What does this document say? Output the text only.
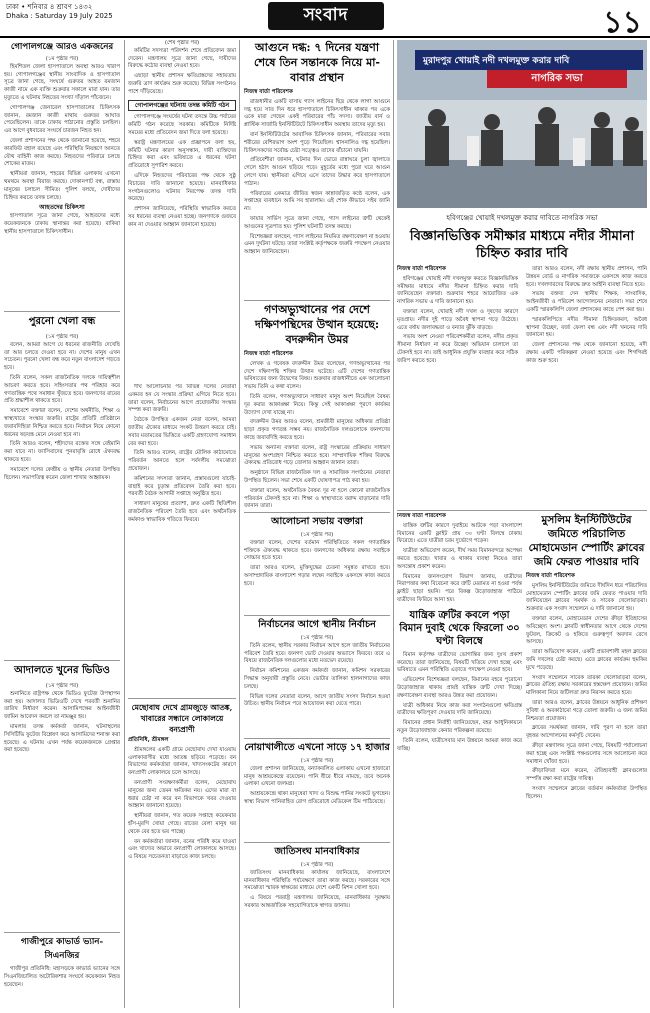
ঢাকা • শনিবার ৪ শ্রাবণ ১৪৩২
Dhaka : Saturday 19 July 2025	সংবাদ	১১
গোপালগঞ্জে আরও একজনের
(১ম পৃষ্ঠার পর)

হিমশিতল জেলা হাসপাতালে অবস্থা আরও খারাপ হয়। গোপালগঞ্জের স্থানীয় সাংবাদিক ও হাসপাতাল সূত্রে জানা গেছে, সংঘর্ষে গুরুতর আহত রমজান কাজী নামে এক ব্যক্তি শুক্রবার সকালে মারা যান। তার মৃত্যুতে এ ঘটনায় নিহতের সংখ্যা দাঁড়াল পাঁচজনে।

গোপালগঞ্জ জেনারেল হাসপাতালের চিকিৎসক জানান, রমজান কাজী মাথায় গুরুতর আঘাত পেয়েছিলেন। তাকে ঢাকায় পাঠানোর প্রস্তুতি চলছিল। এর আগে বুধবারের সংঘর্ষে চারজন নিহত হন।

জেলা প্রশাসনের পক্ষ থেকে জানানো হয়েছে, শহরে কারফিউ বহাল রয়েছে এবং পরিস্থিতি নিয়ন্ত্রণে আনতে যৌথ বাহিনী কাজ করছে। নিহতদের পরিবারে চলছে শোকের মাতম।

স্থানীয়রা জানান, শহরের বিভিন্ন এলাকায় এখনো থমথমে অবস্থা বিরাজ করছে। দোকানপাট বন্ধ, রাস্তায় মানুষের চলাচল সীমিত। পুলিশ বলছে, দোষীদের চিহ্নিত করতে তদন্ত চলছে।

আহতদের চিকিৎসা

হাসপাতাল সূত্রে জানা গেছে, আহতদের মধ্যে কয়েকজনকে ঢাকায় স্থানান্তর করা হয়েছে। বাকিরা স্থানীয় হাসপাতালে চিকিৎসাধীন।

পুরনো খেলা বন্ধ
(১ম পৃষ্ঠার পর)

বলেন, আমরা আগে যে ধরনের রাজনীতি দেখেছি তা আর চলতে দেওয়া হবে না। দেশের মানুষ এখন সচেতন। পুরনো খেলা বন্ধ করে নতুন বাংলাদেশ গড়তে হবে।

তিনি বলেন, সকল রাজনৈতিক দলকে দায়িত্বশীল আচরণ করতে হবে। সহিংসতার পথ পরিহার করে গণতান্ত্রিক পথে সমাধান খুঁজতে হবে। জনগণের রায়ের প্রতি শ্রদ্ধাশীল থাকতে হবে।

সমাবেশে বক্তারা বলেন, দেশের অর্থনীতি, শিক্ষা ও স্বাস্থ্যখাতে সংস্কার জরুরি। রাষ্ট্রের প্রতিটি প্রতিষ্ঠানে জবাবদিহিতা নিশ্চিত করতে হবে। নির্বাচন নিয়ে কোনো ধরনের ষড়যন্ত্র মেনে নেওয়া হবে না।

তিনি আরও বলেন, শহীদদের রক্তের সঙ্গে বেইমানি করা যাবে না। ফ্যাসিবাদের পুনরাবৃত্তি রোধে ঐক্যবদ্ধ থাকতে হবে।

সমাবেশে দলের কেন্দ্রীয় ও স্থানীয় নেতারা উপস্থিত ছিলেন। সভাপতিত্ব করেন জেলা শাখার আহ্বায়ক।

আদালতে খুনের ভিডিও
(১ম পৃষ্ঠার পর)

শুনানিতে রাষ্ট্রপক্ষ থেকে ভিডিও ফুটেজ উপস্থাপন করা হয়। আদালত ভিডিওটি দেখে পরবর্তী শুনানির তারিখ নির্ধারণ করেন। আসামিপক্ষের আইনজীবী জামিন আবেদন করলে তা নামঞ্জুর হয়।

মামলার তদন্ত কর্মকর্তা জানান, ঘটনাস্থলের সিসিটিভি ফুটেজ বিশ্লেষণ করে আসামিদের শনাক্ত করা হয়েছে। এ ঘটনায় এখন পর্যন্ত কয়েকজনকে গ্রেপ্তার করা হয়েছে।

গাজীপুরে কাভার্ড ভ্যান-সিএনজির

গাজীপুর প্রতিনিধি: মহাসড়কে কাভার্ড ভ্যানের সঙ্গে সিএনজিচালিত অটোরিকশার সংঘর্ষে কয়েকজন নিহত হয়েছেন।

(শেষ পৃষ্ঠার পর)

কমিটির সদস্যরা পরিদর্শন শেষে প্রতিবেদন জমা দেবেন। মন্ত্রণালয় সূত্রে জানা গেছে, দায়ীদের বিরুদ্ধে কঠোর ব্যবস্থা নেওয়া হবে।

এছাড়া স্থানীয় প্রশাসন ক্ষতিগ্রস্তদের সহায়তায় জরুরি ত্রাণ কার্যক্রম শুরু করেছে। বিভিন্ন সংগঠনও পাশে দাঁড়িয়েছে।

গোপালগঞ্জের ঘটনায় তদন্ত কমিটি গঠন

গোপালগঞ্জে সংঘর্ষের ঘটনা তদন্তে উচ্চ পর্যায়ের কমিটি গঠন করেছে সরকার। কমিটিকে নির্দিষ্ট সময়ের মধ্যে প্রতিবেদন জমা দিতে বলা হয়েছে।

স্বরাষ্ট্র মন্ত্রণালয়ের এক প্রজ্ঞাপনে বলা হয়, কমিটি ঘটনার কারণ অনুসন্ধান, দায়ী ব্যক্তিদের চিহ্নিত করা এবং ভবিষ্যতে এ ধরনের ঘটনা প্রতিরোধে সুপারিশ করবে।

এদিকে নিহতদের পরিবারের পক্ষ থেকে সুষ্ঠু বিচারের দাবি জানানো হয়েছে। মানবাধিকার সংগঠনগুলোও ঘটনার নিরপেক্ষ তদন্ত দাবি করেছে।

প্রশাসন জানিয়েছে, পরিস্থিতি স্বাভাবিক করতে সব ধরনের ব্যবস্থা নেওয়া হচ্ছে। জনগণকে গুজবে কান না দেওয়ার আহ্বান জানানো হয়েছে।

দীর্ঘ আলোচনার পর বিভিন্ন দলের নেতারা একমত হন যে সংস্কার প্রক্রিয়া এগিয়ে নিতে হবে। তারা বলেন, নির্বাচনের আগে প্রয়োজনীয় সংস্কার সম্পন্ন করা জরুরি।

বৈঠকে উপস্থিত একজন নেতা বলেন, আমরা জাতীয় ঐক্যের মাধ্যমে সংকট উত্তরণ করতে চাই। সবার মতামতের ভিত্তিতে একটি গ্রহণযোগ্য সমাধান বের করা হবে।

তিনি আরও বলেন, রাষ্ট্রের মৌলিক কাঠামোতে পরিবর্তন আনতে হলে সর্বদলীয় সমঝোতা প্রয়োজন।

কমিশনের সদস্যরা জানান, প্রস্তাবগুলো যাচাই-বাছাই করে চূড়ান্ত প্রতিবেদন তৈরি করা হবে। পরবর্তী বৈঠক আগামী সপ্তাহে অনুষ্ঠিত হবে।

সাধারণ মানুষের প্রত্যাশা, দ্রুত একটি স্থিতিশীল রাজনৈতিক পরিবেশ তৈরি হবে এবং অর্থনৈতিক কর্মকাণ্ড স্বাভাবিক গতিতে ফিরবে।

মেছোবাঘ দেখে গ্রামজুড়ে আতঙ্ক, খাবারের সন্ধানে লোকালয়ে বন্যপ্রাণী
প্রতিনিধি, শ্রীমঙ্গল

শ্রীমঙ্গলের একটি গ্রামে মেছোবাঘ দেখা যাওয়ায় এলাকাবাসীর মধ্যে আতঙ্ক ছড়িয়ে পড়েছে। বন বিভাগের কর্মকর্তারা জানান, খাদ্যসংকটের কারণে বন্যপ্রাণী লোকালয়ে চলে আসছে।

বন্যপ্রাণী সংরক্ষণকর্মীরা বলেন, মেছোবাঘ মানুষের জন্য তেমন ক্ষতিকর নয়। এদের মারা বা ধরার চেষ্টা না করে বন বিভাগকে খবর দেওয়ার আহ্বান জানানো হয়েছে।

স্থানীয়রা জানান, গত কয়েক সপ্তাহে কয়েকবার হাঁস-মুরগি খোয়া গেছে। রাতের বেলা মানুষ ঘর থেকে বের হতে ভয় পাচ্ছে।

বন কর্মকর্তারা জানান, বনের পরিধি কমে যাওয়া এবং খাদ্যের অভাবে বন্যপ্রাণী লোকালয়ে আসছে। এ বিষয়ে সচেতনতা বাড়াতে কাজ চলছে।

আগুনে দগ্ধ: ৭ দিনের যন্ত্রণা শেষে তিন সন্তানকে নিয়ে মা-বাবার প্রস্থান
নিজস্ব বার্তা পরিবেশক

রাজধানীর একটি বাসায় গ্যাস লাইনের ছিদ্র থেকে লাগা আগুনে দগ্ধ হয়ে সাত দিন ধরে হাসপাতালে চিকিৎসাধীন থাকার পর একে একে মারা গেছেন একই পরিবারের পাঁচ সদস্য। জাতীয় বার্ন ও প্লাস্টিক সার্জারি ইনস্টিটিউটে চিকিৎসাধীন অবস্থায় তাদের মৃত্যু হয়।

বার্ন ইনস্টিটিউটের আবাসিক চিকিৎসক জানান, পরিবারের সবার শরীরের বেশিরভাগ অংশ পুড়ে গিয়েছিল। শ্বাসনালিও দগ্ধ হয়েছিল। চিকিৎসকদের সর্বোচ্চ চেষ্টা সত্ত্বেও তাদের বাঁচানো যায়নি।

প্রতিবেশীরা জানান, ঘটনার দিন ভোরে রান্নাঘরে চুলা জ্বালাতে গেলে হঠাৎ আগুন ছড়িয়ে পড়ে। মুহূর্তের মধ্যে পুরো ঘরে আগুন লেগে যায়। স্থানীয়রা এগিয়ে এসে তাদের উদ্ধার করে হাসপাতালে পাঠান।

পরিবারের একমাত্র জীবিত স্বজন কান্নাজড়িত কণ্ঠে বলেন, এক সপ্তাহের ব্যবধানে আমি সব হারালাম। এই শোক কীভাবে সইব জানি না।

ফায়ার সার্ভিস সূত্রে জানা গেছে, গ্যাস লাইনের ত্রুটি থেকেই আগুনের সূত্রপাত হয়। পুলিশ ঘটনাটি তদন্ত করছে।

বিশেষজ্ঞরা বলছেন, গ্যাস লাইনের নিয়মিত রক্ষণাবেক্ষণ না হওয়ায় এমন দুর্ঘটনা ঘটছে। তারা সংশ্লিষ্ট কর্তৃপক্ষকে জরুরি পদক্ষেপ নেওয়ার আহ্বান জানিয়েছেন।

গণঅভ্যুত্থানের পর দেশে দক্ষিণপন্থিদের উত্থান হয়েছে: বদরুদ্দীন উমর
নিজস্ব বার্তা পরিবেশক

লেখক ও গবেষক বদরুদ্দীন উমর বলেছেন, গণঅভ্যুত্থানের পর দেশে দক্ষিণপন্থি শক্তির উত্থান ঘটেছে। এটি দেশের গণতান্ত্রিক ভবিষ্যতের জন্য উদ্বেগের বিষয়। শুক্রবার রাজধানীতে এক আলোচনা সভায় তিনি এ কথা বলেন।

তিনি বলেন, গণঅভ্যুত্থানে সাধারণ মানুষ অংশ নিয়েছিল বৈষম্য দূর করার আকাঙ্ক্ষা নিয়ে। কিন্তু সেই আকাঙ্ক্ষা পূরণে কার্যকর উদ্যোগ দেখা যাচ্ছে না।

বদরুদ্দীন উমর আরও বলেন, শ্রমজীবী মানুষের অধিকার প্রতিষ্ঠা ছাড়া প্রকৃত গণতন্ত্র সম্ভব নয়। রাজনৈতিক দলগুলোকে জনগণের কাছে জবাবদিহি করতে হবে।

সভায় অন্যান্য বক্তারা বলেন, রাষ্ট্র সংস্কারের প্রক্রিয়ায় সাধারণ মানুষের অংশগ্রহণ নিশ্চিত করতে হবে। সাম্প্রদায়িক শক্তির বিরুদ্ধে ঐক্যবদ্ধ প্রতিরোধ গড়ে তোলার আহ্বান জানান তারা।

অনুষ্ঠানে বিভিন্ন রাজনৈতিক দল ও সামাজিক সংগঠনের নেতারা উপস্থিত ছিলেন। সভা শেষে একটি ঘোষণাপত্র পাঠ করা হয়।

বক্তারা বলেন, অর্থনৈতিক বৈষম্য দূর না হলে কোনো রাজনৈতিক পরিবর্তন টেকসই হবে না। শিক্ষা ও স্বাস্থ্যখাতে বরাদ্দ বাড়ানোর দাবি জানান তারা।

আলোচনা সভায় বক্তারা
(১ম পৃষ্ঠার পর)

বক্তারা বলেন, দেশের বর্তমান পরিস্থিতিতে সকল গণতান্ত্রিক শক্তিকে ঐক্যবদ্ধ থাকতে হবে। জনগণের অধিকার রক্ষায় সবাইকে সোচ্চার হতে হবে।

তারা আরও বলেন, মুক্তিযুদ্ধের চেতনা সমুন্নত রাখতে হবে। অসাম্প্রদায়িক বাংলাদেশ গড়ার লক্ষ্যে সবাইকে একসঙ্গে কাজ করতে হবে।

নির্বাচনের আগে স্থানীয় নির্বাচন
(১ম পৃষ্ঠার পর)

তিনি বলেন, স্থানীয় সরকার নির্বাচন আগে হলে জাতীয় নির্বাচনের পরিবেশ তৈরি হবে। জনগণ ভোট দেওয়ার অভ্যাসে ফিরবে। তবে এ বিষয়ে রাজনৈতিক দলগুলোর মধ্যে মতভেদ রয়েছে।

নির্বাচন কমিশনের একজন কর্মকর্তা জানান, কমিশন সরকারের সিদ্ধান্ত অনুযায়ী প্রস্তুতি নেবে। ভোটার তালিকা হালনাগাদের কাজ চলছে।

বিভিন্ন দলের নেতারা বলেন, আগে জাতীয় সংসদ নির্বাচন হওয়া উচিত। স্থানীয় নির্বাচন পরে আয়োজন করা যেতে পারে।

নোয়াখালীতে এখনো সাড়ে ১৭ হাজার
(১ম পৃষ্ঠার পর)

জেলা প্রশাসন জানিয়েছে, বন্যাকবলিত এলাকায় এখনো হাজারো মানুষ আশ্রয়কেন্দ্রে রয়েছেন। পানি ধীরে ধীরে নামছে, তবে অনেক এলাকা এখনো জলমগ্ন।

আশ্রয়কেন্দ্রে থাকা মানুষেরা খাদ্য ও বিশুদ্ধ পানির সংকটে ভুগছেন। স্বাস্থ্য বিভাগ পানিবাহিত রোগ প্রতিরোধে মেডিকেল টিম পাঠিয়েছে।

জাতিসংঘ মানবাধিকার
(১ম পৃষ্ঠার পর)

জাতিসংঘ মানবাধিকার কার্যালয় জানিয়েছে, বাংলাদেশে মানবাধিকার পরিস্থিতি পর্যবেক্ষণে তারা কাজ করছে। সরকারের সঙ্গে সমঝোতা স্মারক স্বাক্ষরের মাধ্যমে দেশে একটি মিশন খোলা হবে।

এ বিষয়ে পররাষ্ট্র মন্ত্রণালয় জানিয়েছে, মানবাধিকার সুরক্ষায় সরকার আন্তর্জাতিক সহযোগিতাকে স্বাগত জানায়।

মুরাদপুর খোয়াই নদী দখলমুক্ত করার দাবি
নাগরিক সভা
হবিগঞ্জের খোয়াই দখলমুক্ত করার দাবিতে নাগরিক সভা
বিজ্ঞানভিত্তিক সমীক্ষার মাধ্যমে নদীর সীমানা চিহ্নিত করার দাবি
নিজস্ব বার্তা পরিবেশক

হবিগঞ্জের খোয়াই নদী দখলমুক্ত করতে বিজ্ঞানভিত্তিক সমীক্ষার মাধ্যমে নদীর সীমানা চিহ্নিত করার দাবি জানিয়েছেন বক্তারা। শুক্রবার শহরে আয়োজিত এক নাগরিক সভায় এ দাবি জানানো হয়।

বক্তারা বলেন, খোয়াই নদী দখল ও দূষণের কারণে মৃতপ্রায়। নদীর দুই পাড়ে অবৈধ স্থাপনা গড়ে উঠেছে। এতে বর্ষায় জলাবদ্ধতা ও বন্যার ঝুঁকি বাড়ছে।

সভায় অংশ নেওয়া পরিবেশকর্মীরা বলেন, নদীর প্রকৃত সীমানা নির্ধারণ না করে উচ্ছেদ অভিযান চালালে তা টেকসই হবে না। তাই আধুনিক প্রযুক্তি ব্যবহার করে সঠিক জরিপ করতে হবে।

তারা আরও বলেন, নদী রক্ষায় স্থানীয় প্রশাসন, পানি উন্নয়ন বোর্ড ও নাগরিক সমাজকে একসঙ্গে কাজ করতে হবে। দখলদারদের বিরুদ্ধে দ্রুত আইনি ব্যবস্থা নিতে হবে।

সভায় বক্তব্য দেন স্থানীয় শিক্ষক, সাংবাদিক, আইনজীবী ও পরিবেশ আন্দোলনের নেতারা। সভা শেষে একটি স্মারকলিপি জেলা প্রশাসকের কাছে পেশ করা হয়।

স্মারকলিপিতে নদীর সীমানা চিহ্নিতকরণ, অবৈধ স্থাপনা উচ্ছেদ, বর্জ্য ফেলা বন্ধ এবং নদী খননের দাবি জানানো হয়।

জেলা প্রশাসনের পক্ষ থেকে জানানো হয়েছে, নদী রক্ষায় একটি পরিকল্পনা নেওয়া হয়েছে এবং শিগগিরই কাজ শুরু হবে।

নিজস্ব বার্তা পরিবেশক

যান্ত্রিক ত্রুটির কারণে দুবাইয়ে আটকে পড়া বাংলাদেশ বিমানের একটি ফ্লাইট প্রায় ৩০ ঘণ্টা বিলম্বে ঢাকায় ফিরেছে। এতে যাত্রীরা চরম দুর্ভোগে পড়েন।

যাত্রীরা অভিযোগ করেন, দীর্ঘ সময় বিমানবন্দরে অপেক্ষা করতে হয়েছে। খাবার ও থাকার ব্যবস্থা নিয়েও তারা অসন্তোষ প্রকাশ করেন।

বিমানের জনসংযোগ বিভাগ জানায়, যাত্রীদের নিরাপত্তার কথা বিবেচনা করে ত্রুটি মেরামত না হওয়া পর্যন্ত ফ্লাইট ছাড়া হয়নি। পরে বিকল্প উড়োজাহাজ পাঠিয়ে যাত্রীদের ফিরিয়ে আনা হয়।

যান্ত্রিক ত্রুটির কবলে পড়া বিমান দুবাই থেকে ফিরলো ৩০ ঘণ্টা বিলম্বে

বিমান কর্তৃপক্ষ যাত্রীদের ভোগান্তির জন্য দুঃখ প্রকাশ করেছে। তারা জানিয়েছে, বিষয়টি খতিয়ে দেখা হচ্ছে এবং ভবিষ্যতে এমন পরিস্থিতি এড়াতে পদক্ষেপ নেওয়া হবে।

এভিয়েশন বিশেষজ্ঞরা বলছেন, বিমানের বহরে পুরোনো উড়োজাহাজ থাকায় প্রায়ই যান্ত্রিক ত্রুটি দেখা দিচ্ছে। রক্ষণাবেক্ষণ ব্যবস্থা আরও উন্নত করা প্রয়োজন।

যাত্রী অধিকার নিয়ে কাজ করা সংগঠনগুলো ক্ষতিগ্রস্ত যাত্রীদের ক্ষতিপূরণ দেওয়ার দাবি জানিয়েছে।

বিমানের প্রধান নির্বাহী জানিয়েছেন, বহর আধুনিকায়নে নতুন উড়োজাহাজ কেনার পরিকল্পনা রয়েছে।

তিনি বলেন, যাত্রীসেবার মান উন্নয়নে আমরা কাজ করে যাচ্ছি।

মুসলিম ইনস্টিটিউটের জমিতে পরিচালিত মোহামেডান স্পোর্টিং ক্লাবের জমি ফেরত পাওয়ার দাবি
নিজস্ব বার্তা পরিবেশক

মুসলিম ইনস্টিটিউটের জমিতে দীর্ঘদিন ধরে পরিচালিত মোহামেডান স্পোর্টিং ক্লাবের জমি ফেরত পাওয়ার দাবি জানিয়েছেন ক্লাবের সমর্থক ও সাবেক খেলোয়াড়রা। শুক্রবার এক সংবাদ সম্মেলনে এ দাবি জানানো হয়।

বক্তারা বলেন, মোহামেডান দেশের ক্রীড়া ইতিহাসের অবিচ্ছেদ্য অংশ। ক্লাবটি স্বাধীনতার আগে থেকে দেশের ফুটবল, ক্রিকেট ও হকিতে গুরুত্বপূর্ণ অবদান রেখে আসছে।

তারা অভিযোগ করেন, একটি প্রভাবশালী মহল ক্লাবের জমি দখলের চেষ্টা করছে। এতে ক্লাবের কার্যক্রম হুমকির মুখে পড়েছে।

সংবাদ সম্মেলনে সাবেক তারকা খেলোয়াড়রা বলেন, ক্লাবের ঐতিহ্য রক্ষায় সরকারের হস্তক্ষেপ প্রয়োজন। জমির মালিকানা নিয়ে জটিলতা দ্রুত নিরসন করতে হবে।

তারা আরও বলেন, ক্লাবের উন্নয়নে আধুনিক প্রশিক্ষণ সুবিধা ও অবকাঠামো গড়ে তোলা জরুরি। এ জন্য জমির নিশ্চয়তা প্রয়োজন।

ক্লাবের সমর্থকরা জানান, দাবি পূরণ না হলে তারা বৃহত্তর আন্দোলনের কর্মসূচি দেবেন।

ক্রীড়া মন্ত্রণালয় সূত্রে জানা গেছে, বিষয়টি পর্যালোচনা করা হচ্ছে এবং সংশ্লিষ্ট পক্ষগুলোর সঙ্গে আলোচনা করে সমাধান খোঁজা হবে।

ক্রীড়াবিদরা মনে করেন, ঐতিহ্যবাহী ক্লাবগুলোর সম্পত্তি রক্ষা করা রাষ্ট্রের দায়িত্ব।

সংবাদ সম্মেলনে ক্লাবের বর্তমান কর্মকর্তারা উপস্থিত ছিলেন।
